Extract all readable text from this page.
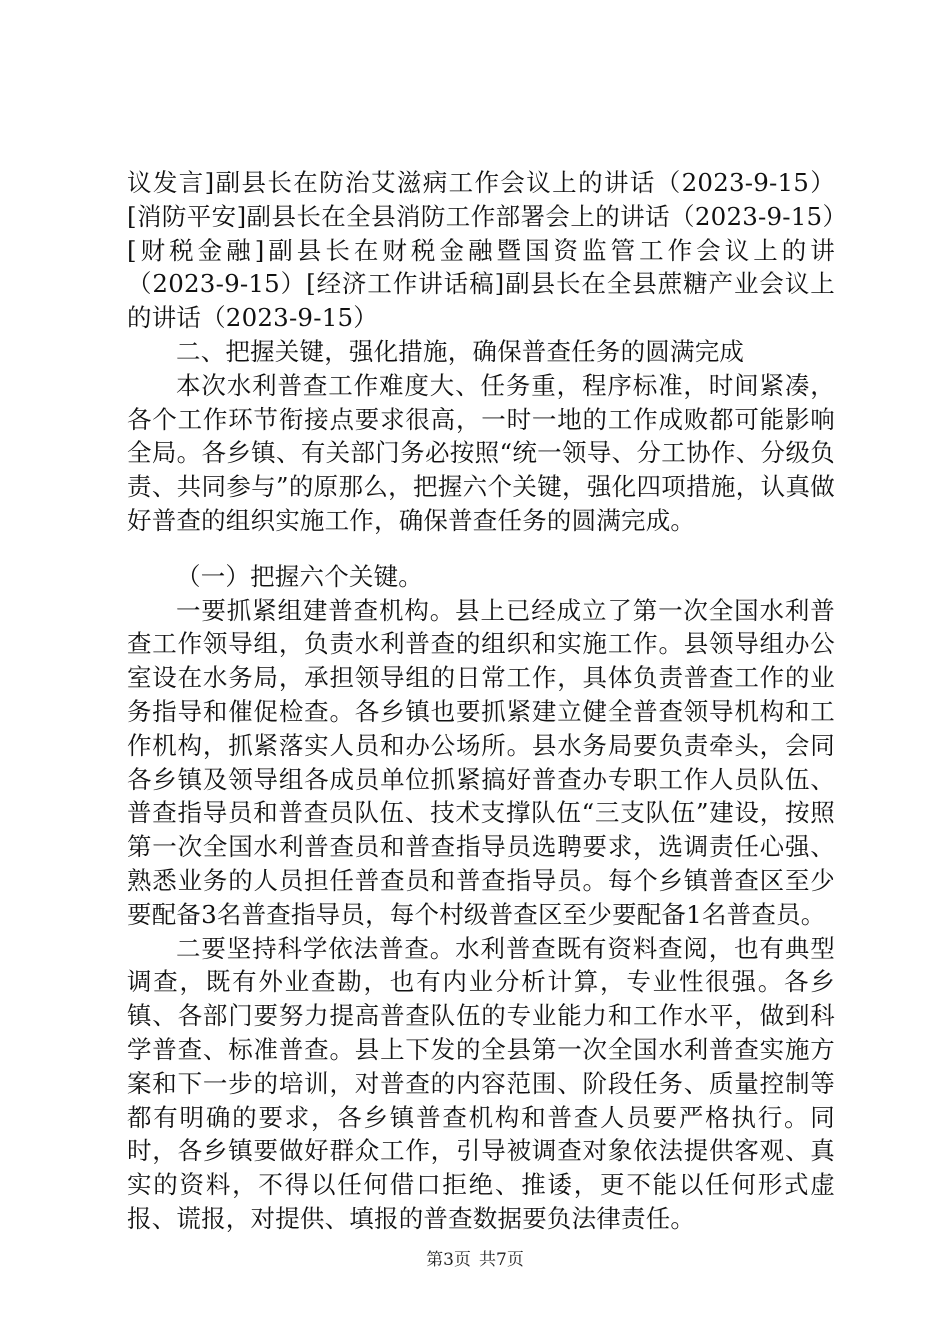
议发言]副县长在防治艾滋病工作会议上的讲话（2023-9-15）[消防平安]副县长在全县消防工作部署会上的讲话（2023-9-15）[财税金融]副县长在财税金融暨国资监管工作会议上的讲（2023-9-15）[经济工作讲话稿]副县长在全县蔗糖产业会议上的讲话（2023-9-15）

二、把握关键，强化措施，确保普查任务的圆满完成

本次水利普查工作难度大、任务重，程序标准，时间紧凑，各个工作环节衔接点要求很高，一时一地的工作成败都可能影响全局。各乡镇、有关部门务必按照“统一领导、分工协作、分级负责、共同参与”的原那么，把握六个关键，强化四项措施，认真做好普查的组织实施工作，确保普查任务的圆满完成。

（一）把握六个关键。

一要抓紧组建普查机构。县上已经成立了第一次全国水利普查工作领导组，负责水利普查的组织和实施工作。县领导组办公室设在水务局，承担领导组的日常工作，具体负责普查工作的业务指导和催促检查。各乡镇也要抓紧建立健全普查领导机构和工作机构，抓紧落实人员和办公场所。县水务局要负责牵头，会同各乡镇及领导组各成员单位抓紧搞好普查办专职工作人员队伍、普查指导员和普查员队伍、技术支撑队伍“三支队伍”建设，按照第一次全国水利普查员和普查指导员选聘要求，选调责任心强、熟悉业务的人员担任普查员和普查指导员。每个乡镇普查区至少要配备3名普查指导员，每个村级普查区至少要配备1名普查员。

二要坚持科学依法普查。水利普查既有资料查阅，也有典型调查，既有外业查勘，也有内业分析计算，专业性很强。各乡镇、各部门要努力提高普查队伍的专业能力和工作水平，做到科学普查、标准普查。县上下发的全县第一次全国水利普查实施方案和下一步的培训，对普查的内容范围、阶段任务、质量控制等都有明确的要求，各乡镇普查机构和普查人员要严格执行。同时，各乡镇要做好群众工作，引导被调查对象依法提供客观、真实的资料，不得以任何借口拒绝、推诿，更不能以任何形式虚报、谎报，对提供、填报的普查数据要负法律责任。

第3页 共7页
